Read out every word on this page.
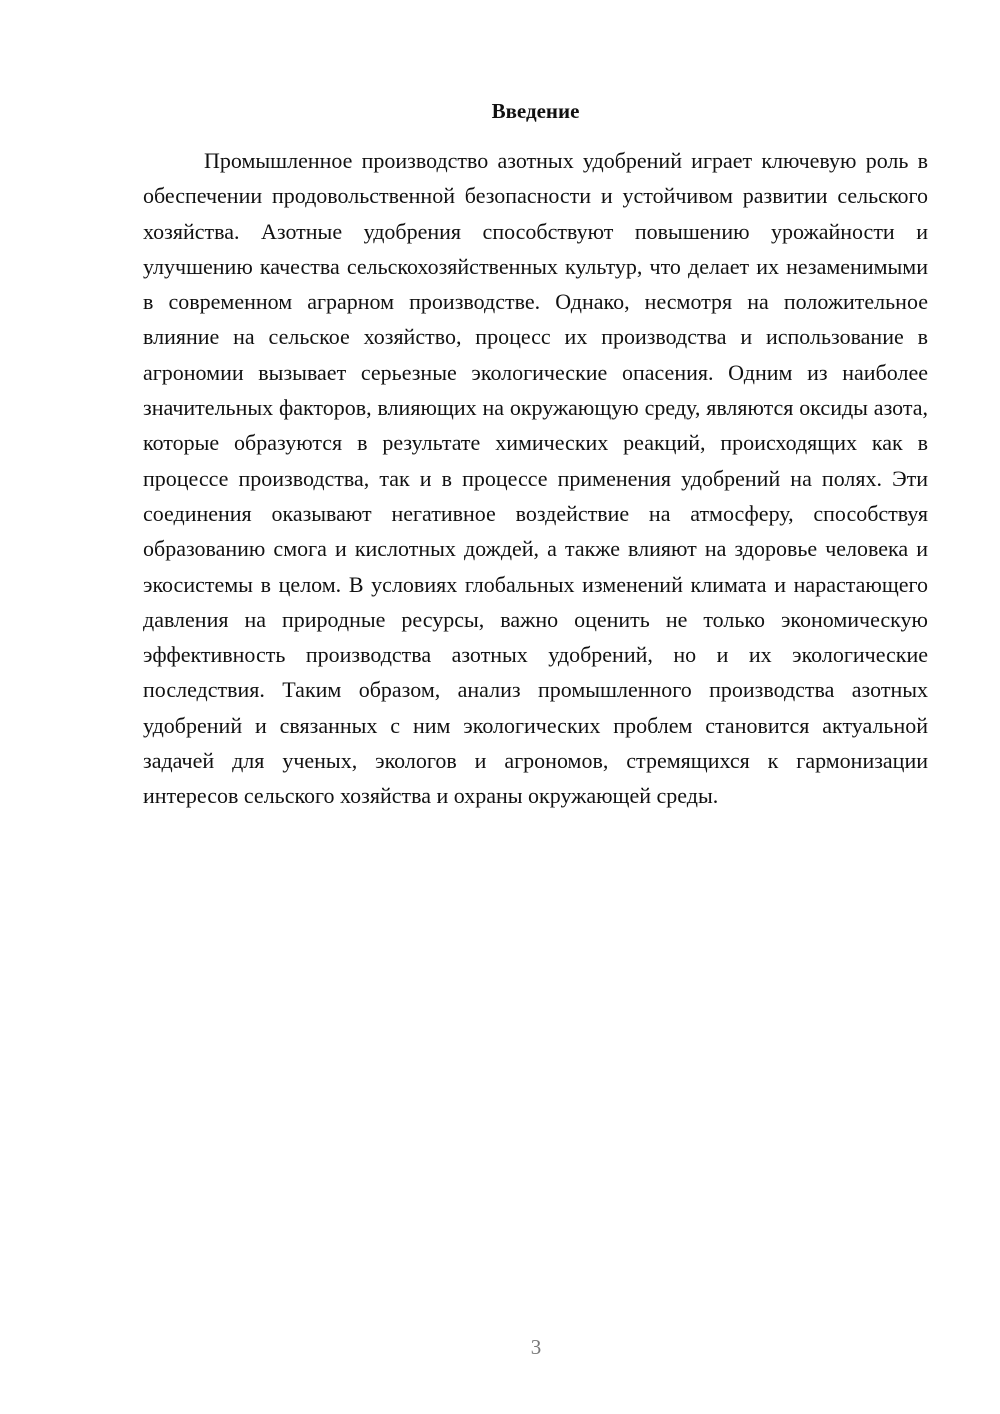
Введение

Промышленное производство азотных удобрений играет ключевую роль в обеспечении продовольственной безопасности и устойчивом развитии сельского хозяйства. Азотные удобрения способствуют повышению урожайности и улучшению качества сельскохозяйственных культур, что делает их незаменимыми в современном аграрном производстве. Однако, несмотря на положительное влияние на сельское хозяйство, процесс их производства и использование в агрономии вызывает серьезные экологические опасения. Одним из наиболее значительных факторов, влияющих на окружающую среду, являются оксиды азота, которые образуются в результате химических реакций, происходящих как в процессе производства, так и в процессе применения удобрений на полях. Эти соединения оказывают негативное воздействие на атмосферу, способствуя образованию смога и кислотных дождей, а также влияют на здоровье человека и экосистемы в целом. В условиях глобальных изменений климата и нарастающего давления на природные ресурсы, важно оценить не только экономическую эффективность производства азотных удобрений, но и их экологические последствия. Таким образом, анализ промышленного производства азотных удобрений и связанных с ним экологических проблем становится актуальной задачей для ученых, экологов и агрономов, стремящихся к гармонизации интересов сельского хозяйства и охраны окружающей среды.

3
